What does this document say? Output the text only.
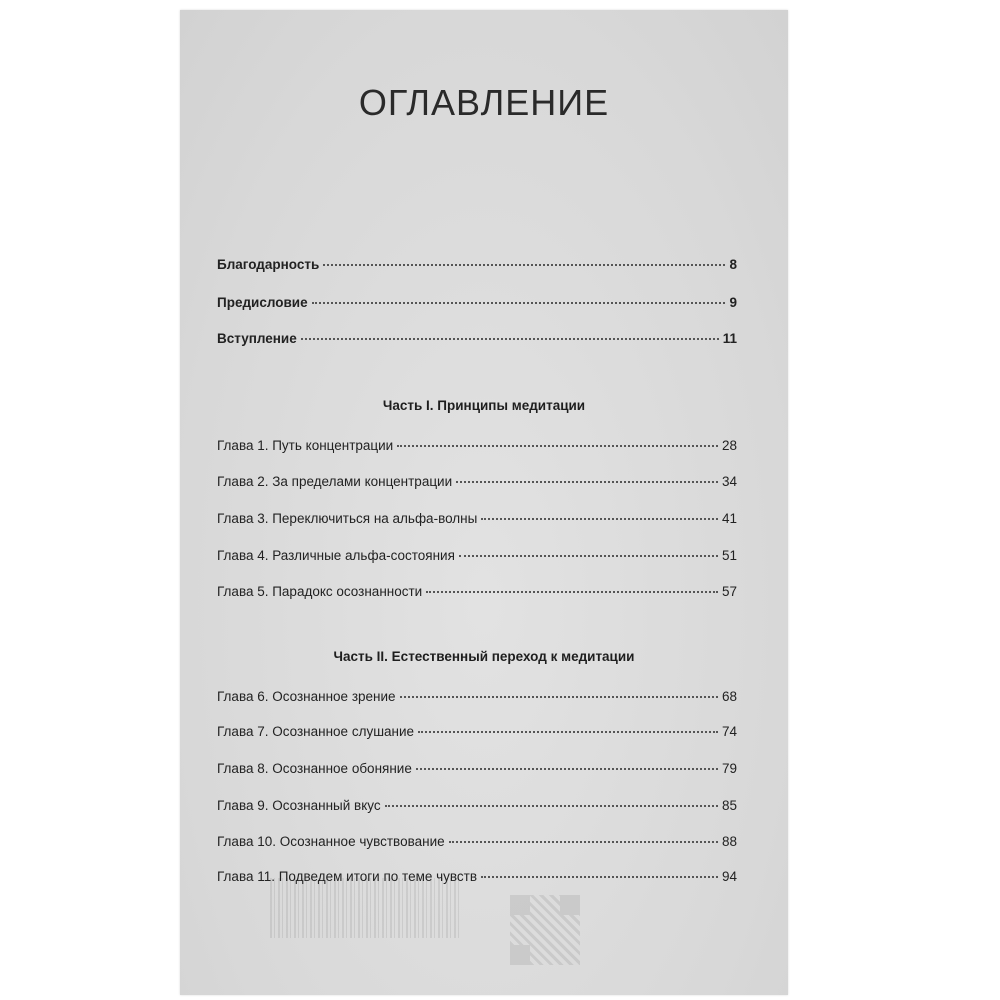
ОГЛАВЛЕНИЕ
Благодарность	8
Предисловие	9
Вступление	11
Часть I. Принципы медитации
Глава 1. Путь концентрации	28
Глава 2. За пределами концентрации	34
Глава 3. Переключиться на альфа-волны	41
Глава 4. Различные альфа-состояния	51
Глава 5. Парадокс осознанности	57
Часть II. Естественный переход к медитации
Глава 6. Осознанное зрение	68
Глава 7. Осознанное слушание	74
Глава 8. Осознанное обоняние	79
Глава 9. Осознанный вкус	85
Глава 10. Осознанное чувствование	88
Глава 11. Подведем итоги по теме чувств	94
